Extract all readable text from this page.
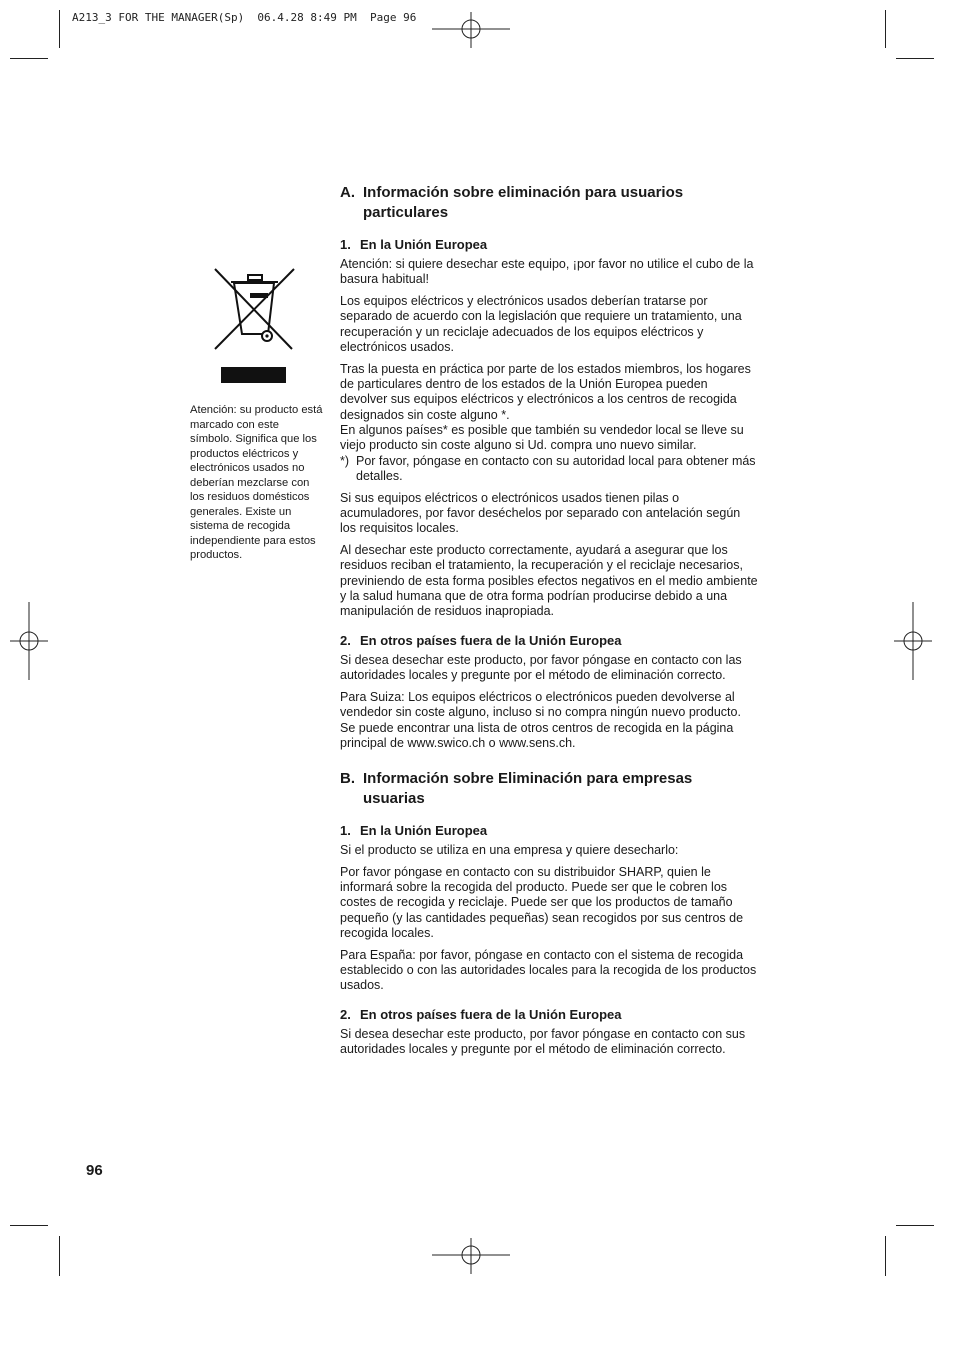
A213_3 FOR THE MANAGER(Sp)  06.4.28 8:49 PM  Page 96
Atención: su producto está marcado con este símbolo. Significa que los productos eléctricos y electrónicos usados no deberían mezclarse con los residuos domésticos generales. Existe un sistema de recogida independiente para estos productos.
A. Información sobre eliminación para usuarios particulares
1. En la Unión Europea

Atención: si quiere desechar este equipo, ¡por favor no utilice el cubo de la basura habitual!

Los equipos eléctricos y electrónicos usados deberían tratarse por separado de acuerdo con la legislación que requiere un tratamiento, una recuperación y un reciclaje adecuados de los equipos eléctricos y electrónicos usados.

Tras la puesta en práctica por parte de los estados miembros, los hogares de particulares dentro de los estados de la Unión Europea pueden devolver sus equipos eléctricos y electrónicos a los centros de recogida designados sin coste alguno *.

En algunos países* es posible que también su vendedor local se lleve su viejo producto sin coste alguno si Ud. compra uno nuevo similar.

*) Por favor, póngase en contacto con su autoridad local para obtener más detalles.

Si sus equipos eléctricos o electrónicos usados tienen pilas o acumuladores, por favor deséchelos por separado con antelación según los requisitos locales.

Al desechar este producto correctamente, ayudará a asegurar que los residuos reciban el tratamiento, la recuperación y el reciclaje necesarios, previniendo de esta forma posibles efectos negativos en el medio ambiente y la salud humana que de otra forma podrían producirse debido a una manipulación de residuos inapropiada.

2. En otros países fuera de la Unión Europea

Si desea desechar este producto, por favor póngase en contacto con las autoridades locales y pregunte por el método de eliminación correcto.

Para Suiza: Los equipos eléctricos o electrónicos pueden devolverse al vendedor sin coste alguno, incluso si no compra ningún nuevo producto. Se puede encontrar una lista de otros centros de recogida en la página principal de www.swico.ch o www.sens.ch.

B. Información sobre Eliminación para empresas usuarias
1. En la Unión Europea

Si el producto se utiliza en una empresa y quiere desecharlo:

Por favor póngase en contacto con su distribuidor SHARP, quien le informará sobre la recogida del producto. Puede ser que le cobren los costes de recogida y reciclaje. Puede ser que los productos de tamaño pequeño (y las cantidades pequeñas) sean recogidos por sus centros de recogida locales.

Para España: por favor, póngase en contacto con el sistema de recogida establecido o con las autoridades locales para la recogida de los productos usados.

2. En otros países fuera de la Unión Europea

Si desea desechar este producto, por favor póngase en contacto con sus autoridades locales y pregunte por el método de eliminación correcto.

96
